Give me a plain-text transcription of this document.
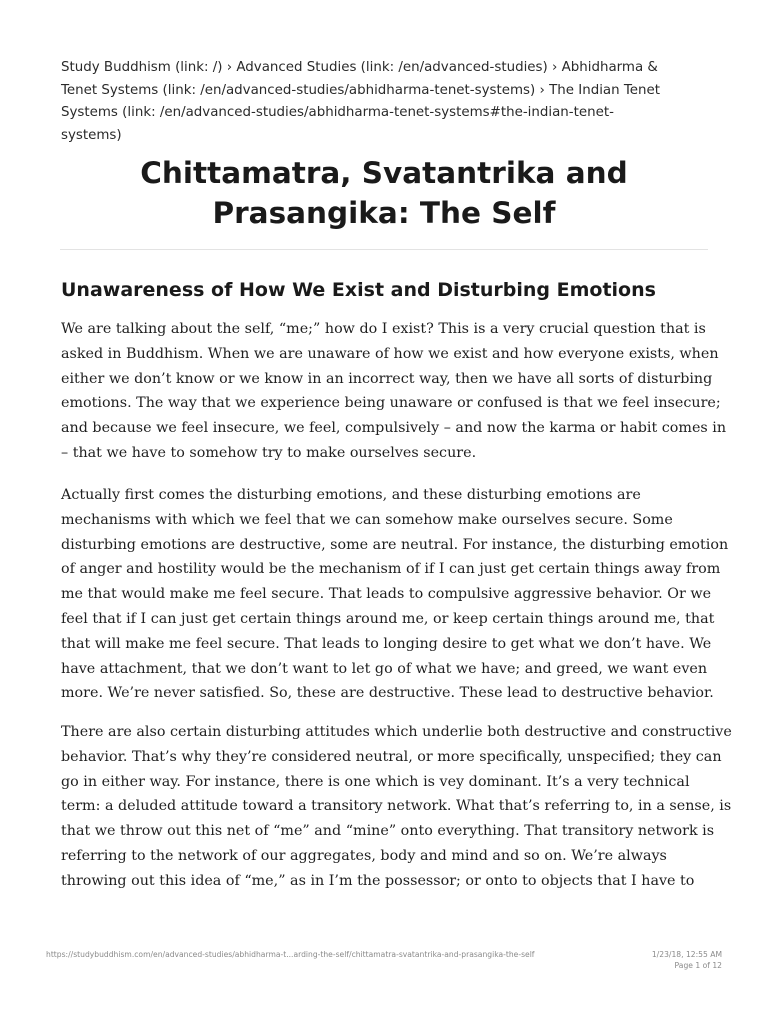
Study Buddhism (link: /) › Advanced Studies (link: /en/advanced-studies) › Abhidharma &
Tenet Systems (link: /en/advanced-studies/abhidharma-tenet-systems) › The Indian Tenet
Systems (link: /en/advanced-studies/abhidharma-tenet-systems#the-indian-tenet-
systems)
Chittamatra, Svatantrika and
Prasangika: The Self
Unawareness of How We Exist and Disturbing Emotions

We are talking about the self, “me;” how do I exist? This is a very crucial question that is
asked in Buddhism. When we are unaware of how we exist and how everyone exists, when
either we don’t know or we know in an incorrect way, then we have all sorts of disturbing
emotions. The way that we experience being unaware or confused is that we feel insecure;
and because we feel insecure, we feel, compulsively – and now the karma or habit comes in
– that we have to somehow try to make ourselves secure.

Actually first comes the disturbing emotions, and these disturbing emotions are
mechanisms with which we feel that we can somehow make ourselves secure. Some
disturbing emotions are destructive, some are neutral. For instance, the disturbing emotion
of anger and hostility would be the mechanism of if I can just get certain things away from
me that would make me feel secure. That leads to compulsive aggressive behavior. Or we
feel that if I can just get certain things around me, or keep certain things around me, that
that will make me feel secure. That leads to longing desire to get what we don’t have. We
have attachment, that we don’t want to let go of what we have; and greed, we want even
more. We’re never satisfied. So, these are destructive. These lead to destructive behavior.

There are also certain disturbing attitudes which underlie both destructive and constructive
behavior. That’s why they’re considered neutral, or more specifically, unspecified; they can
go in either way. For instance, there is one which is vey dominant. It’s a very technical
term: a deluded attitude toward a transitory network. What that’s referring to, in a sense, is
that we throw out this net of “me” and “mine” onto everything. That transitory network is
referring to the network of our aggregates, body and mind and so on. We’re always
throwing out this idea of “me,” as in I’m the possessor; or onto to objects that I have to

https://studybuddhism.com/en/advanced-studies/abhidharma-t...arding-the-self/chittamatra-svatantrika-and-prasangika-the-self	1/23/18, 12:55 AM
Page 1 of 12
